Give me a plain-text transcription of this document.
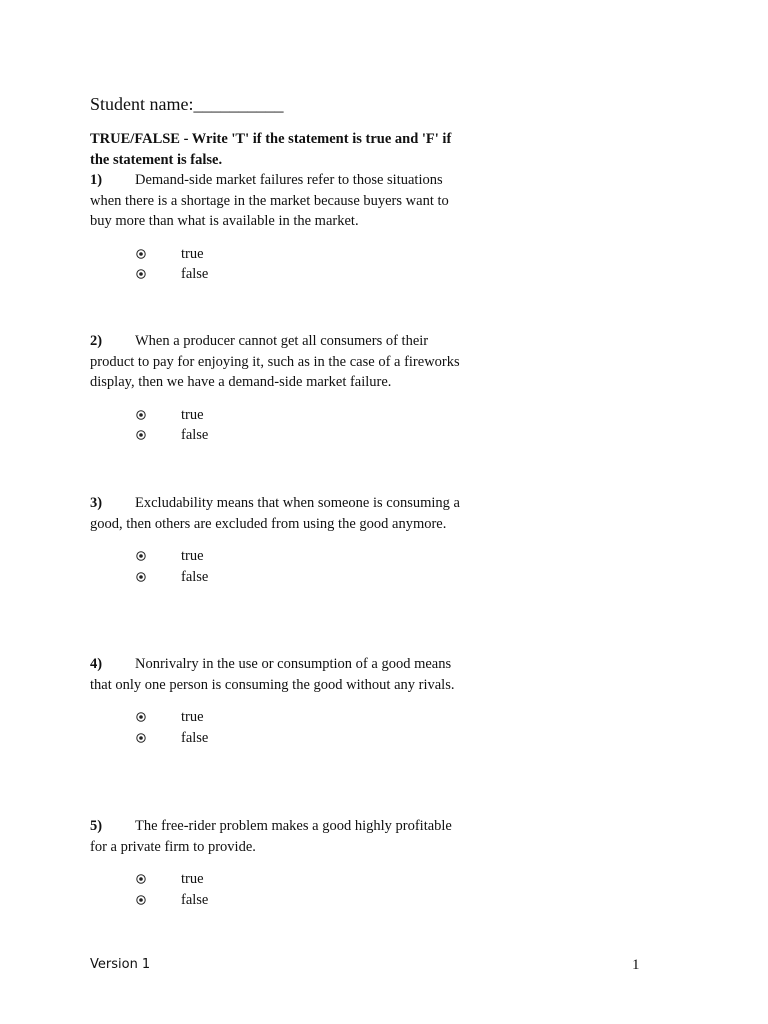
Student name:__________

TRUE/FALSE - Write 'T' if the statement is true and 'F' if the statement is false.

1) Demand-side market failures refer to those situations when there is a shortage in the market because buyers want to buy more than what is available in the market.

true
false

2) When a producer cannot get all consumers of their product to pay for enjoying it, such as in the case of a fireworks display, then we have a demand-side market failure.

true
false

3) Excludability means that when someone is consuming a good, then others are excluded from using the good anymore.

true
false

4) Nonrivalry in the use or consumption of a good means that only one person is consuming the good without any rivals.

true
false

5) The free-rider problem makes a good highly profitable for a private firm to provide.

true
false
Version 1	1
